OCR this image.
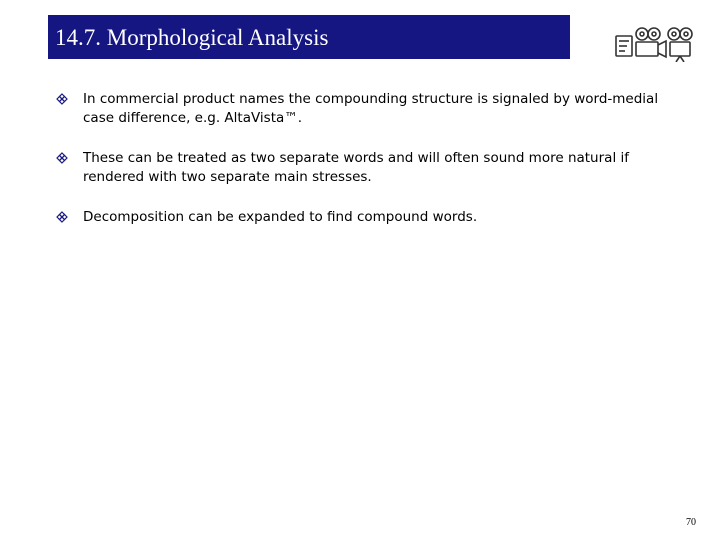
14.7. Morphological Analysis
In commercial product names the compounding structure is signaled by word-medial case difference, e.g. AltaVista™.
These can be treated as two separate words and will often sound more natural if rendered with two separate main stresses.
Decomposition can be expanded to find compound words.
70
